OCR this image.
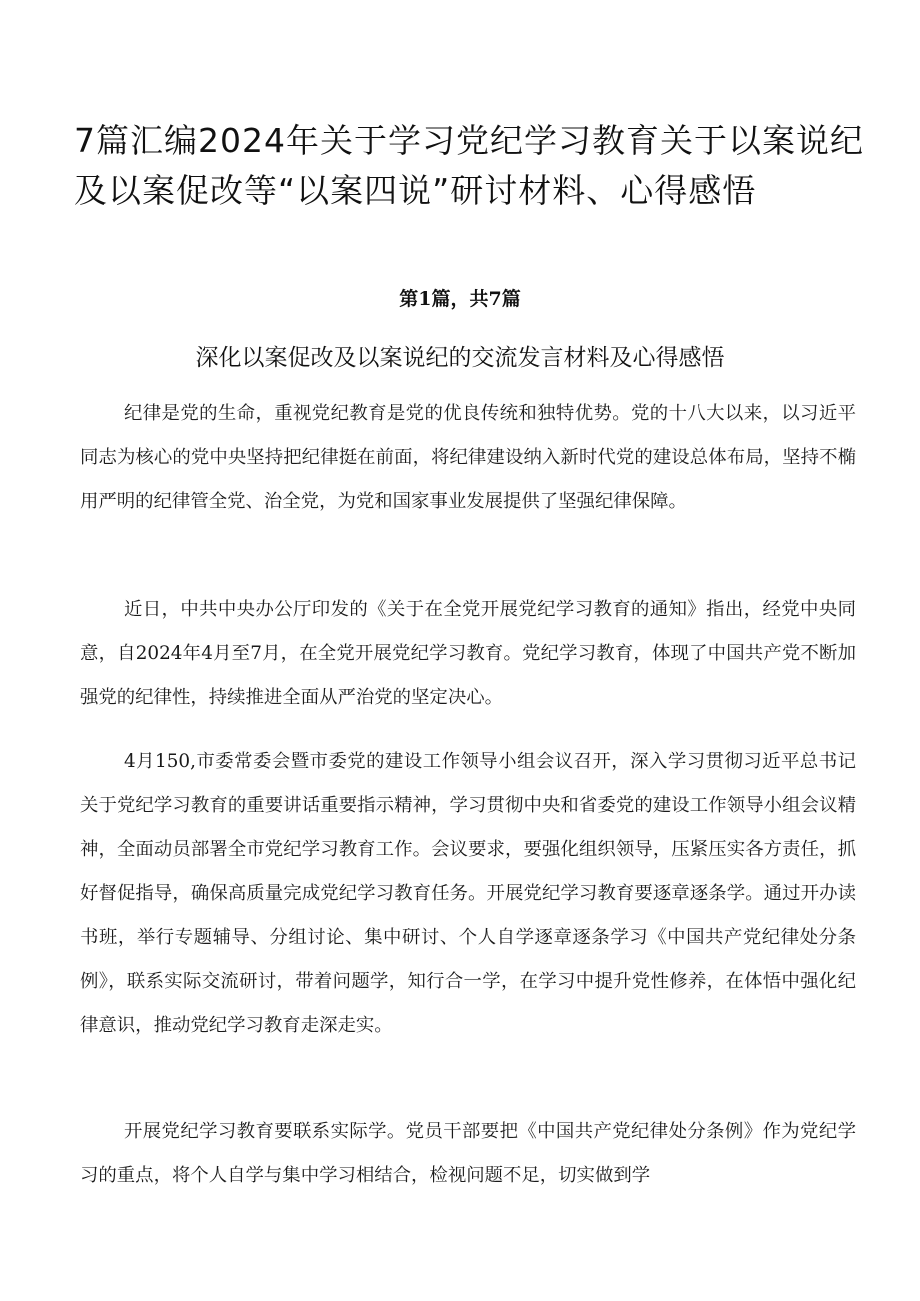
7篇汇编2024年关于学习党纪学习教育关于以案说纪及以案促改等“以案四说”研讨材料、心得感悟
第1篇，共7篇
深化以案促改及以案说纪的交流发言材料及心得感悟

纪律是党的生命，重视党纪教育是党的优良传统和独特优势。党的十八大以来，以习近平同志为核心的党中央坚持把纪律挺在前面，将纪律建设纳入新时代党的建设总体布局，坚持不椭用严明的纪律管全党、治全党，为党和国家事业发展提供了坚强纪律保障。

近日，中共中央办公厅印发的《关于在全党开展党纪学习教育的通知》指出，经党中央同意，自2024年4月至7月，在全党开展党纪学习教育。党纪学习教育，体现了中国共产党不断加强党的纪律性，持续推进全面从严治党的坚定决心。

4月150,市委常委会暨市委党的建设工作领导小组会议召开，深入学习贯彻习近平总书记关于党纪学习教育的重要讲话重要指示精神，学习贯彻中央和省委党的建设工作领导小组会议精神，全面动员部署全市党纪学习教育工作。会议要求，要强化组织领导，压紧压实各方责任，抓好督促指导，确保高质量完成党纪学习教育任务。开展党纪学习教育要逐章逐条学。通过开办读书班，举行专题辅导、分组讨论、集中研讨、个人自学逐章逐条学习《中国共产党纪律处分条例》，联系实际交流研讨，带着问题学，知行合一学，在学习中提升党性修养，在体悟中强化纪律意识，推动党纪学习教育走深走实。

开展党纪学习教育要联系实际学。党员干部要把《中国共产党纪律处分条例》作为党纪学习的重点，将个人自学与集中学习相结合，检视问题不足，切实做到学
